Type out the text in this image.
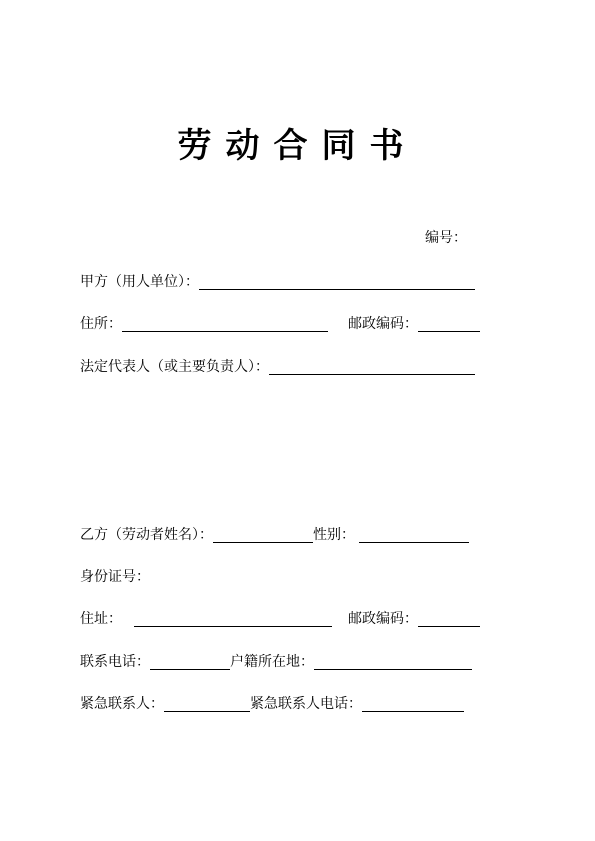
劳动合同书
编号：
甲方（用人单位）：
住所：	邮政编码：
法定代表人（或主要负责人）：
乙方（劳动者姓名）：	性别：
身份证号：
住址：	邮政编码：
联系电话：	户籍所在地：
紧急联系人：	紧急联系人电话：
